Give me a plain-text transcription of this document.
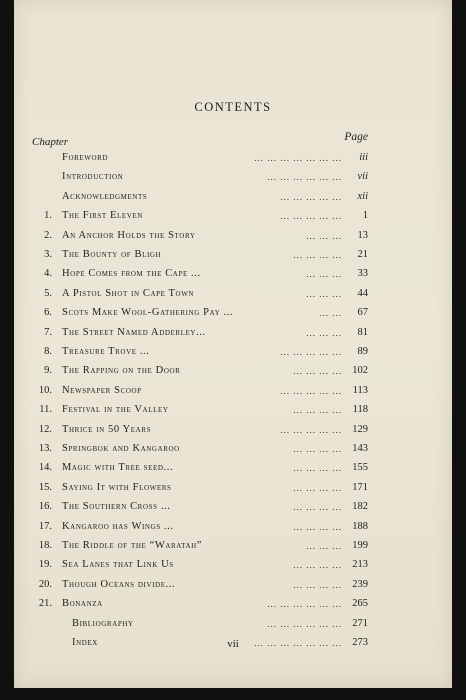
CONTENTS
Chapter	Page
Foreword	... ... ... ... ... ... ... iii
Introduction	... ... ... ... ... ... vii
Acknowledgments	... ... ... ... ... xii
1. The First Eleven	... ... ... ... ... 1
2. An Anchor Holds the Story	... ... ... 13
3. The Bounty of Bligh	... ... ... ... 21
4. Hope Comes from the Cape ...	... ... ... 33
5. A Pistol Shot in Cape Town	... ... ... 44
6. Scots Make Wool-Gathering Pay ...	... ... 67
7. The Street Named Adderley...	... ... ... 81
8. Treasure Trove ...	... ... ... ... ... 89
9. The Rapping on the Door	... ... ... ... 102
10. Newspaper Scoop	... ... ... ... ... 113
11. Festival in the Valley	... ... ... ... 118
12. Thrice in 50 Years	... ... ... ... ... 129
13. Springbok and Kangaroo	... ... ... ... 143
14. Magic with Tree seed...	... ... ... ... 155
15. Saying It with Flowers	... ... ... ... 171
16. The Southern Cross ...	... ... ... ... 182
17. Kangaroo has Wings ...	... ... ... ... 188
18. The Riddle of the “Waratah”	... ... ... 199
19. Sea Lanes that Link Us	... ... ... ... 213
20. Though Oceans divide...	... ... ... ... 239
21. Bonanza	... ... ... ... ... ... 265
Bibliography	... ... ... ... ... ... 271
Index	... ... ... ... ... ... ... 273
vii
